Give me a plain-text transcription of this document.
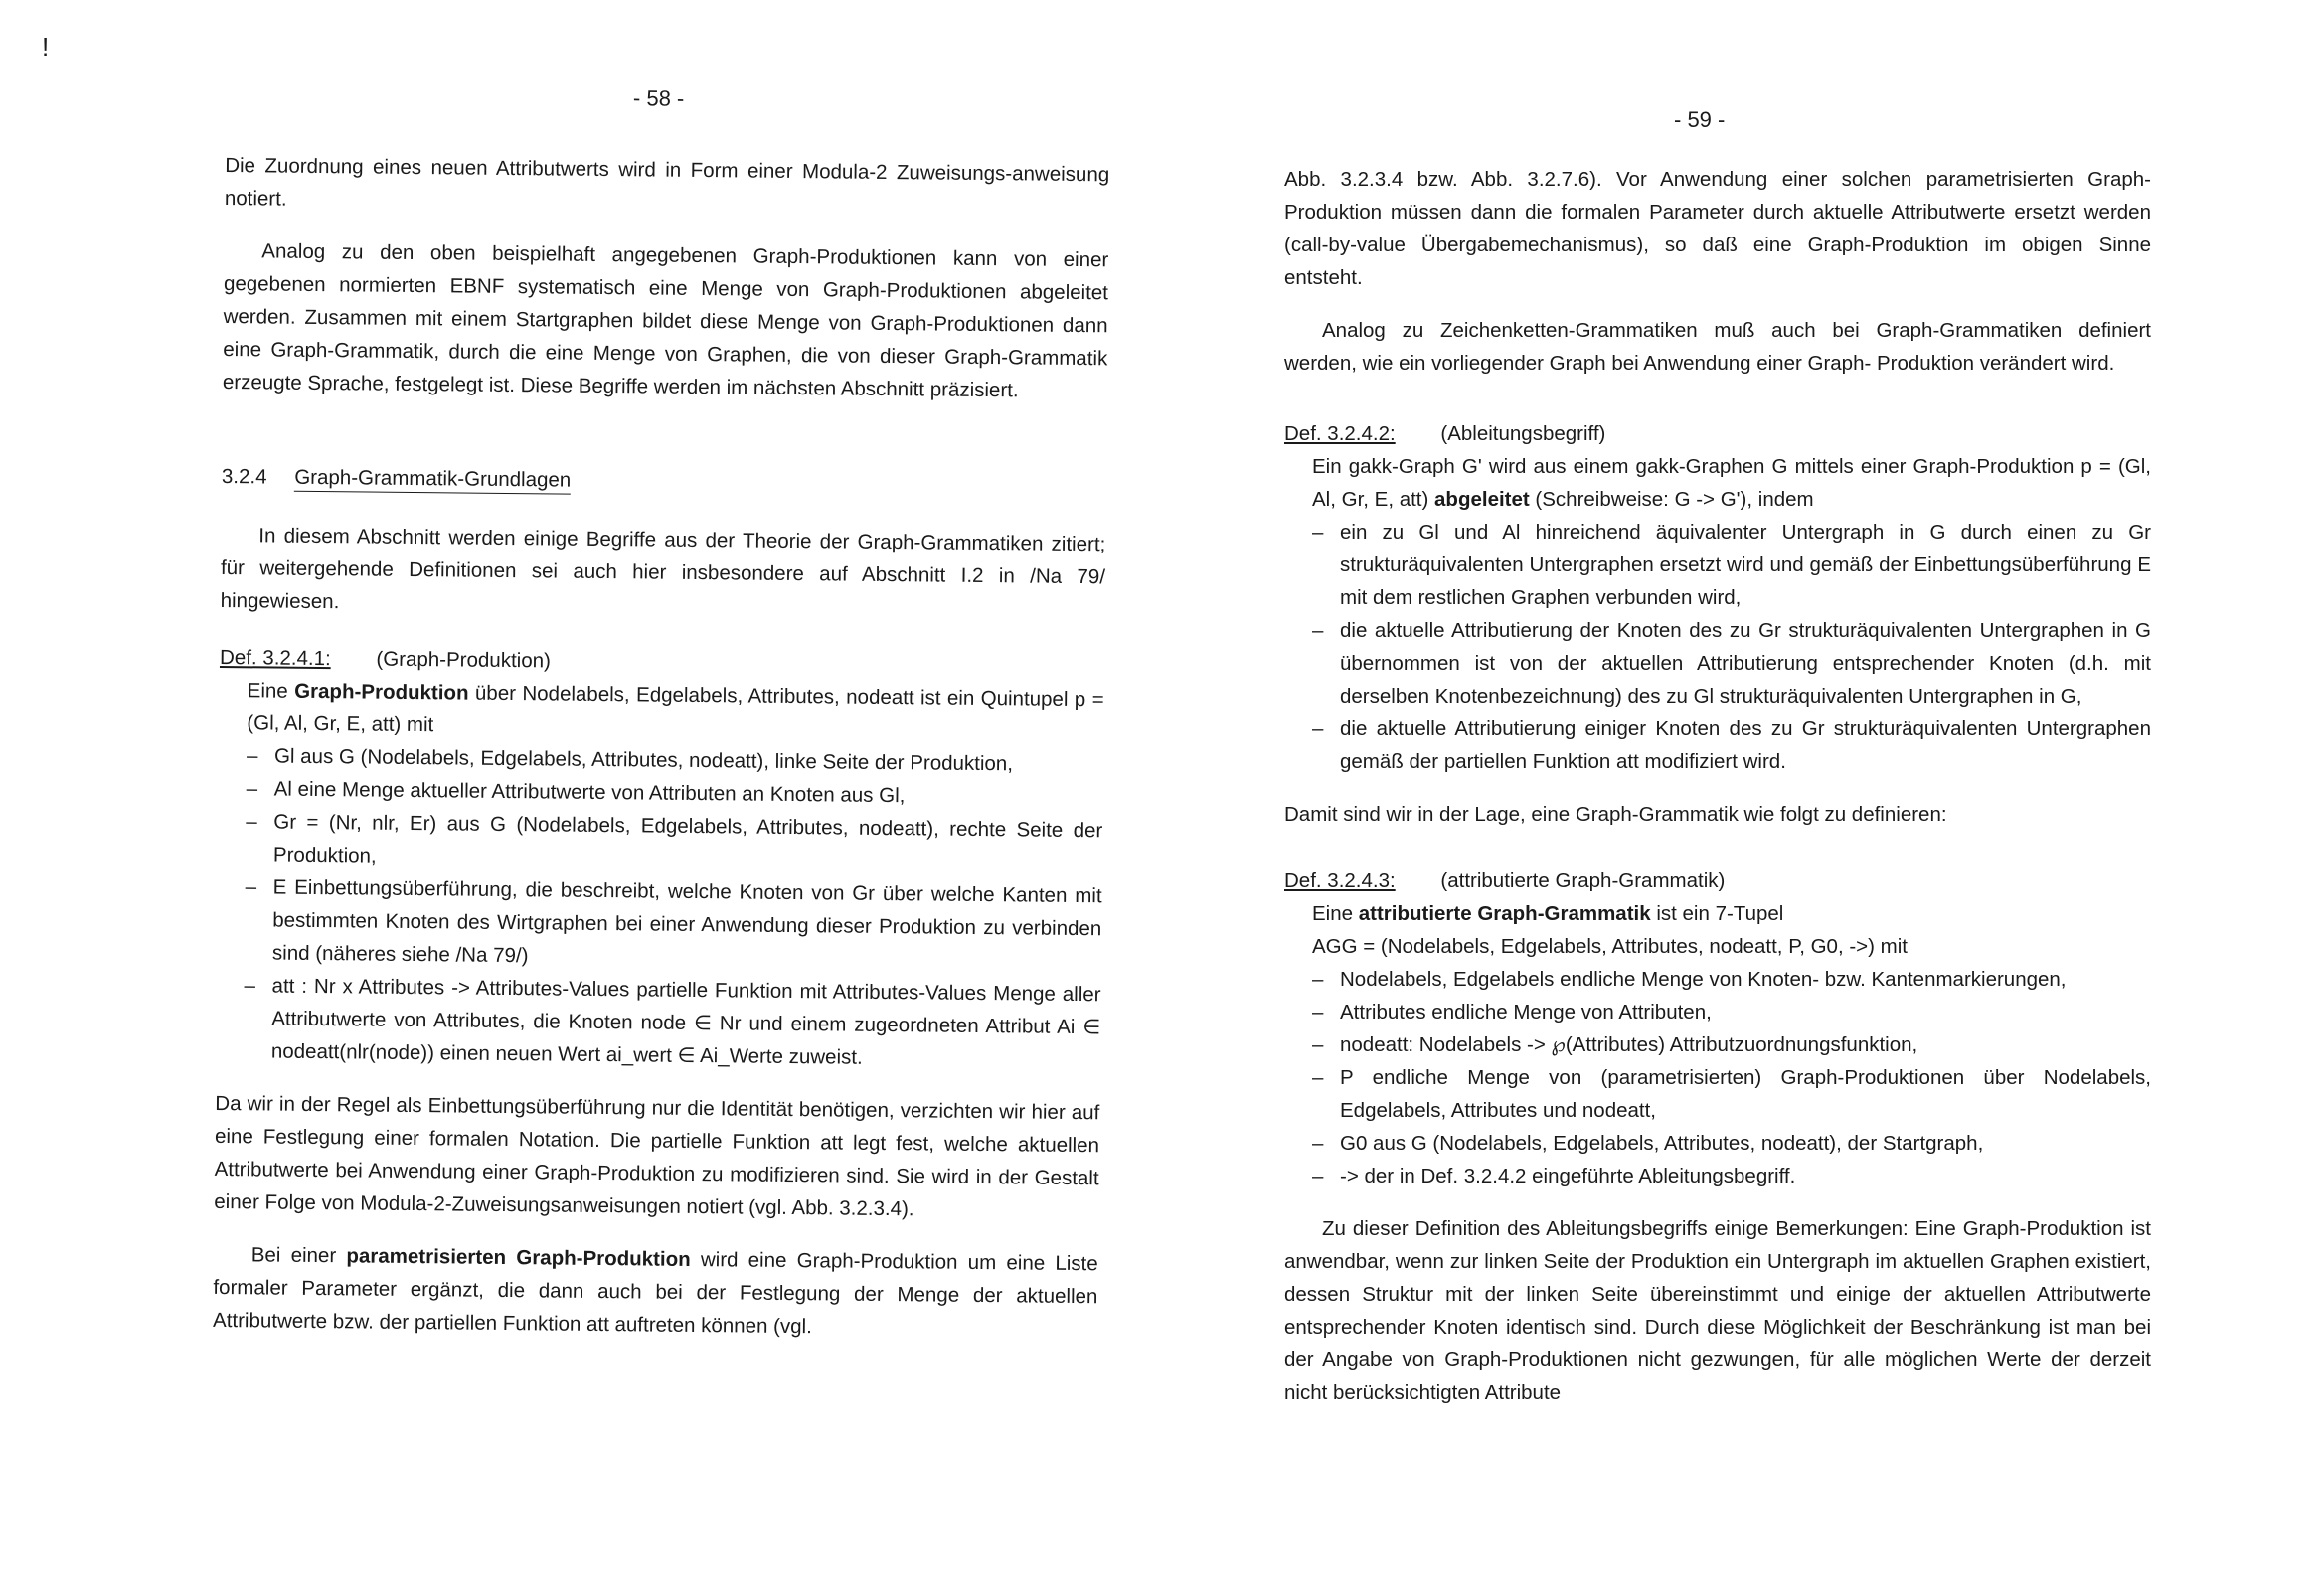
!
- 58 -

Die Zuordnung eines neuen Attributwerts wird in Form einer Modula-2 Zuweisungs-anweisung notiert.

Analog zu den oben beispielhaft angegebenen Graph-Produktionen kann von einer gegebenen normierten EBNF systematisch eine Menge von Graph-Produktionen abgeleitet werden. Zusammen mit einem Startgraphen bildet diese Menge von Graph-Produktionen dann eine Graph-Grammatik, durch die eine Menge von Graphen, die von dieser Graph-Grammatik erzeugte Sprache, festgelegt ist. Diese Begriffe werden im nächsten Abschnitt präzisiert.

3.2.4 Graph-Grammatik-Grundlagen

In diesem Abschnitt werden einige Begriffe aus der Theorie der Graph-Grammatiken zitiert; für weitergehende Definitionen sei auch hier insbesondere auf Abschnitt I.2 in /Na 79/ hingewiesen.

Def. 3.2.4.1: (Graph-Produktion)

Eine Graph-Produktion über Nodelabels, Edgelabels, Attributes, nodeatt ist ein Quintupel p = (Gl, Al, Gr, E, att) mit

– Gl aus G (Nodelabels, Edgelabels, Attributes, nodeatt), linke Seite der Produktion,
– Al eine Menge aktueller Attributwerte von Attributen an Knoten aus Gl,
– Gr = (Nr, nlr, Er) aus G (Nodelabels, Edgelabels, Attributes, nodeatt), rechte Seite der Produktion,
– E Einbettungsüberführung, die beschreibt, welche Knoten von Gr über welche Kanten mit bestimmten Knoten des Wirtgraphen bei einer Anwendung dieser Produktion zu verbinden sind (näheres siehe /Na 79/)
– att : Nr x Attributes -> Attributes-Values partielle Funktion mit Attributes-Values Menge aller Attributwerte von Attributes, die Knoten node ∈ Nr und einem zugeordneten Attribut Ai ∈ nodeatt(nlr(node)) einen neuen Wert ai_wert ∈ Ai_Werte zuweist.

Da wir in der Regel als Einbettungsüberführung nur die Identität benötigen, verzichten wir hier auf eine Festlegung einer formalen Notation. Die partielle Funktion att legt fest, welche aktuellen Attributwerte bei Anwendung einer Graph-Produktion zu modifizieren sind. Sie wird in der Gestalt einer Folge von Modula-2-Zuweisungsanweisungen notiert (vgl. Abb. 3.2.3.4).

Bei einer parametrisierten Graph-Produktion wird eine Graph-Produktion um eine Liste formaler Parameter ergänzt, die dann auch bei der Festlegung der Menge der aktuellen Attributwerte bzw. der partiellen Funktion att auftreten können (vgl.

- 59 -

Abb. 3.2.3.4 bzw. Abb. 3.2.7.6). Vor Anwendung einer solchen parametrisierten Graph-Produktion müssen dann die formalen Parameter durch aktuelle Attributwerte ersetzt werden (call-by-value Übergabemechanismus), so daß eine Graph-Produktion im obigen Sinne entsteht.

Analog zu Zeichenketten-Grammatiken muß auch bei Graph-Grammatiken definiert werden, wie ein vorliegender Graph bei Anwendung einer Graph- Produktion verändert wird.

Def. 3.2.4.2: (Ableitungsbegriff)

Ein gakk-Graph G' wird aus einem gakk-Graphen G mittels einer Graph-Produktion p = (Gl, Al, Gr, E, att) abgeleitet (Schreibweise: G -> G'), indem

– ein zu Gl und Al hinreichend äquivalenter Untergraph in G durch einen zu Gr strukturäquivalenten Untergraphen ersetzt wird und gemäß der Einbettungsüberführung E mit dem restlichen Graphen verbunden wird,
– die aktuelle Attributierung der Knoten des zu Gr strukturäquivalenten Untergraphen in G übernommen ist von der aktuellen Attributierung entsprechender Knoten (d.h. mit derselben Knotenbezeichnung) des zu Gl strukturäquivalenten Untergraphen in G,
– die aktuelle Attributierung einiger Knoten des zu Gr strukturäquivalenten Untergraphen gemäß der partiellen Funktion att modifiziert wird.

Damit sind wir in der Lage, eine Graph-Grammatik wie folgt zu definieren:

Def. 3.2.4.3: (attributierte Graph-Grammatik)

Eine attributierte Graph-Grammatik ist ein 7-Tupel

AGG = (Nodelabels, Edgelabels, Attributes, nodeatt, P, G0, ->) mit

– Nodelabels, Edgelabels endliche Menge von Knoten- bzw. Kantenmarkierungen,
– Attributes endliche Menge von Attributen,
– nodeatt: Nodelabels -> ℘(Attributes) Attributzuordnungsfunktion,
– P endliche Menge von (parametrisierten) Graph-Produktionen über Nodelabels, Edgelabels, Attributes und nodeatt,
– G0 aus G (Nodelabels, Edgelabels, Attributes, nodeatt), der Startgraph,
– -> der in Def. 3.2.4.2 eingeführte Ableitungsbegriff.

Zu dieser Definition des Ableitungsbegriffs einige Bemerkungen: Eine Graph-Produktion ist anwendbar, wenn zur linken Seite der Produktion ein Untergraph im aktuellen Graphen existiert, dessen Struktur mit der linken Seite übereinstimmt und einige der aktuellen Attributwerte entsprechender Knoten identisch sind. Durch diese Möglichkeit der Beschränkung ist man bei der Angabe von Graph-Produktionen nicht gezwungen, für alle möglichen Werte der derzeit nicht berücksichtigten Attribute
